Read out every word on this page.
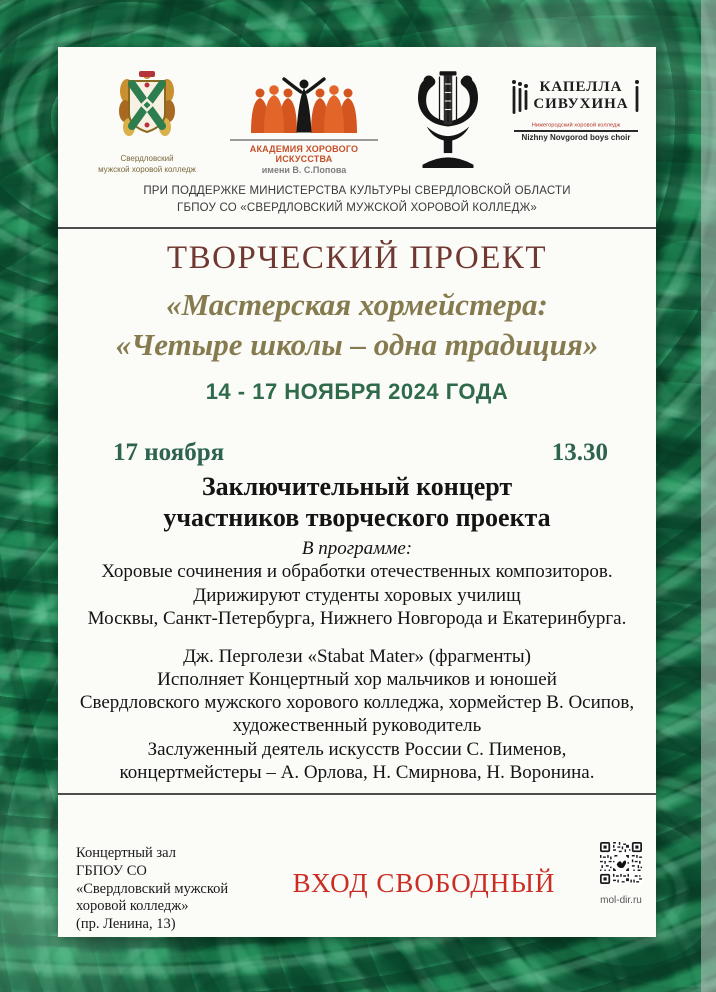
Свердловский
мужской хоровой колледж
АКАДЕМИЯ ХОРОВОГО ИСКУССТВА
имени В. С.Попова
КАПЕЛЛА
СИВУХИНА
Нижегородский хоровой колледж
Nizhny Novgorod boys choir
ПРИ ПОДДЕРЖКЕ МИНИСТЕРСТВА КУЛЬТУРЫ СВЕРДЛОВСКОЙ ОБЛАСТИ
ГБПОУ СО «СВЕРДЛОВСКИЙ МУЖСКОЙ ХОРОВОЙ КОЛЛЕДЖ»
ТВОРЧЕСКИЙ ПРОЕКТ
«Мастерская хормейстера:
«Четыре школы – одна традиция»
14 - 17 НОЯБРЯ 2024 ГОДА
17 ноября	13.30
Заключительный концерт
участников творческого проекта
В программе:
Хоровые сочинения и обработки отечественных композиторов.
Дирижируют студенты хоровых училищ
Москвы, Санкт-Петербурга, Нижнего Новгорода и Екатеринбурга.
Дж. Перголези «Stabat Mater» (фрагменты)
Исполняет Концертный хор мальчиков и юношей
Свердловского мужского хорового колледжа, хормейстер В. Осипов,
художественный руководитель
Заслуженный деятель искусств России С. Пименов,
концертмейстеры – А. Орлова, Н. Смирнова, Н. Воронина.
Концертный зал
ГБПОУ СО
«Свердловский мужской
хоровой колледж»
(пр. Ленина, 13)
ВХОД СВОБОДНЫЙ
mol-dir.ru
